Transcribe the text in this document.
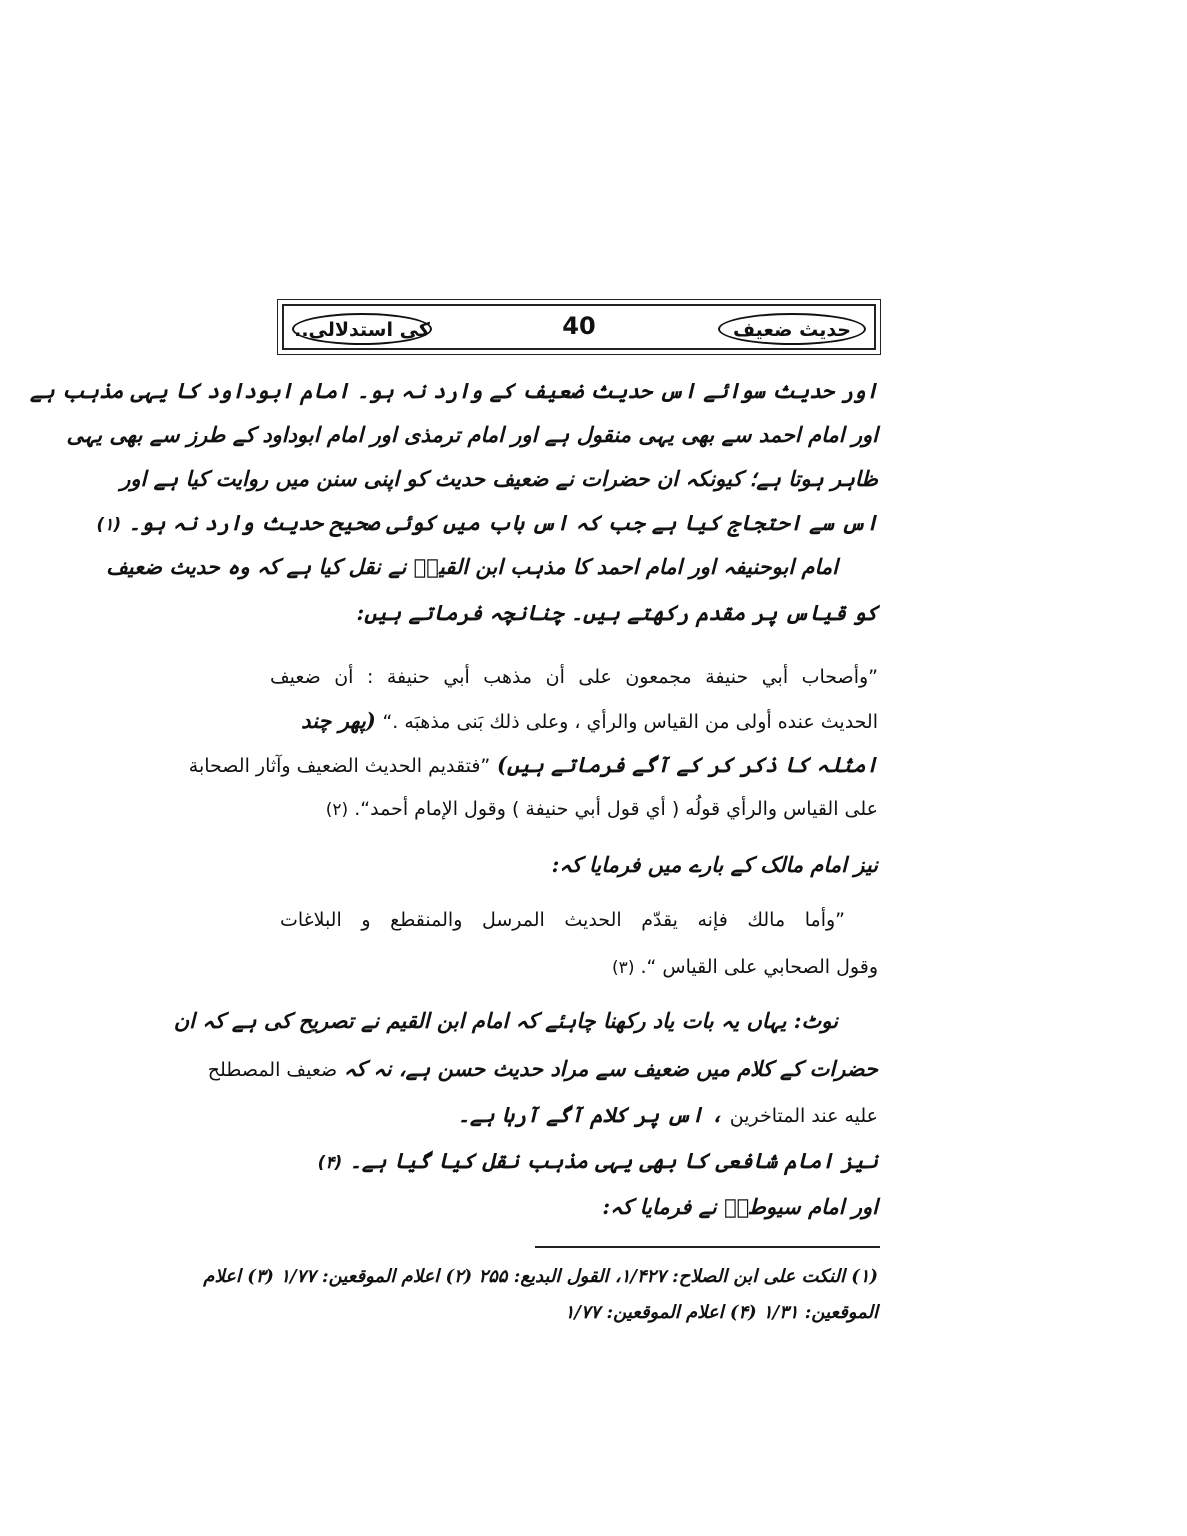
حدیث ضعیف
40
کی استدلالی..
اور حدیث سوائے اس حدیث ضعیف کے وارد نہ ہو۔ امام ابوداود کا یہی مذہب ہے
اور امام احمد سے بھی یہی منقول ہے اور امام ترمذی اور امام ابوداود کے طرز سے بھی یہی
ظاہر ہوتا ہے؛ کیونکہ ان حضرات نے ضعیف حدیث کو اپنی سنن میں روایت کیا ہے اور
اس سے احتجاج کیا ہے جب کہ اس باب میں کوئی صحیح حدیث وارد نہ ہو۔ (۱)
امام ابوحنیفہ اور امام احمد کا مذہب ابن القیمؒ نے نقل کیا ہے کہ وہ حدیث ضعیف
کو قیاس پر مقدم رکھتے ہیں۔ چنانچہ فرماتے ہیں:
”وأصحاب أبي حنيفة مجمعون على أن مذهب أبي حنيفة : أن ضعيف
الحديث عنده أولى من القياس والرأي ، وعلى ذلك بَنى مذهبَه .“ (پھر چند
امثلہ کا ذکر کر کے آگے فرماتے ہیں) ”فتقديم الحديث الضعيف وآثار الصحابة
على القياس والرأي قولُه ( أي قول أبي حنيفة ) وقول الإمام أحمد“. (۲)
نیز امام مالک کے بارے میں فرمایا کہ:
”وأما مالك فإنه يقدّم الحديث المرسل والمنقطع و البلاغات
وقول الصحابي على القياس “. (۳)
نوٹ: یہاں یہ بات یاد رکھنا چاہئے کہ امام ابن القیم نے تصریح کی ہے کہ ان
حضرات کے کلام میں ضعیف سے مراد حدیث حسن ہے، نہ کہ ضعيف المصطلح
عليه عند المتاخرين ، اس پر کلام آگے آرہا ہے۔
نیز امام شافعی کا بھی یہی مذہب نقل کیا گیا ہے۔ (۴)
اور امام سیوطیؒ نے فرمایا کہ:
(۱) النکت علی ابن الصلاح: ۱/۴۲۷، القول البدیع: ۲۵۵ (۲) اعلام الموقعین: ۱/۷۷ (۳) اعلام
الموقعین: ۱/۳۱ (۴) اعلام الموقعین: ۱/۷۷
